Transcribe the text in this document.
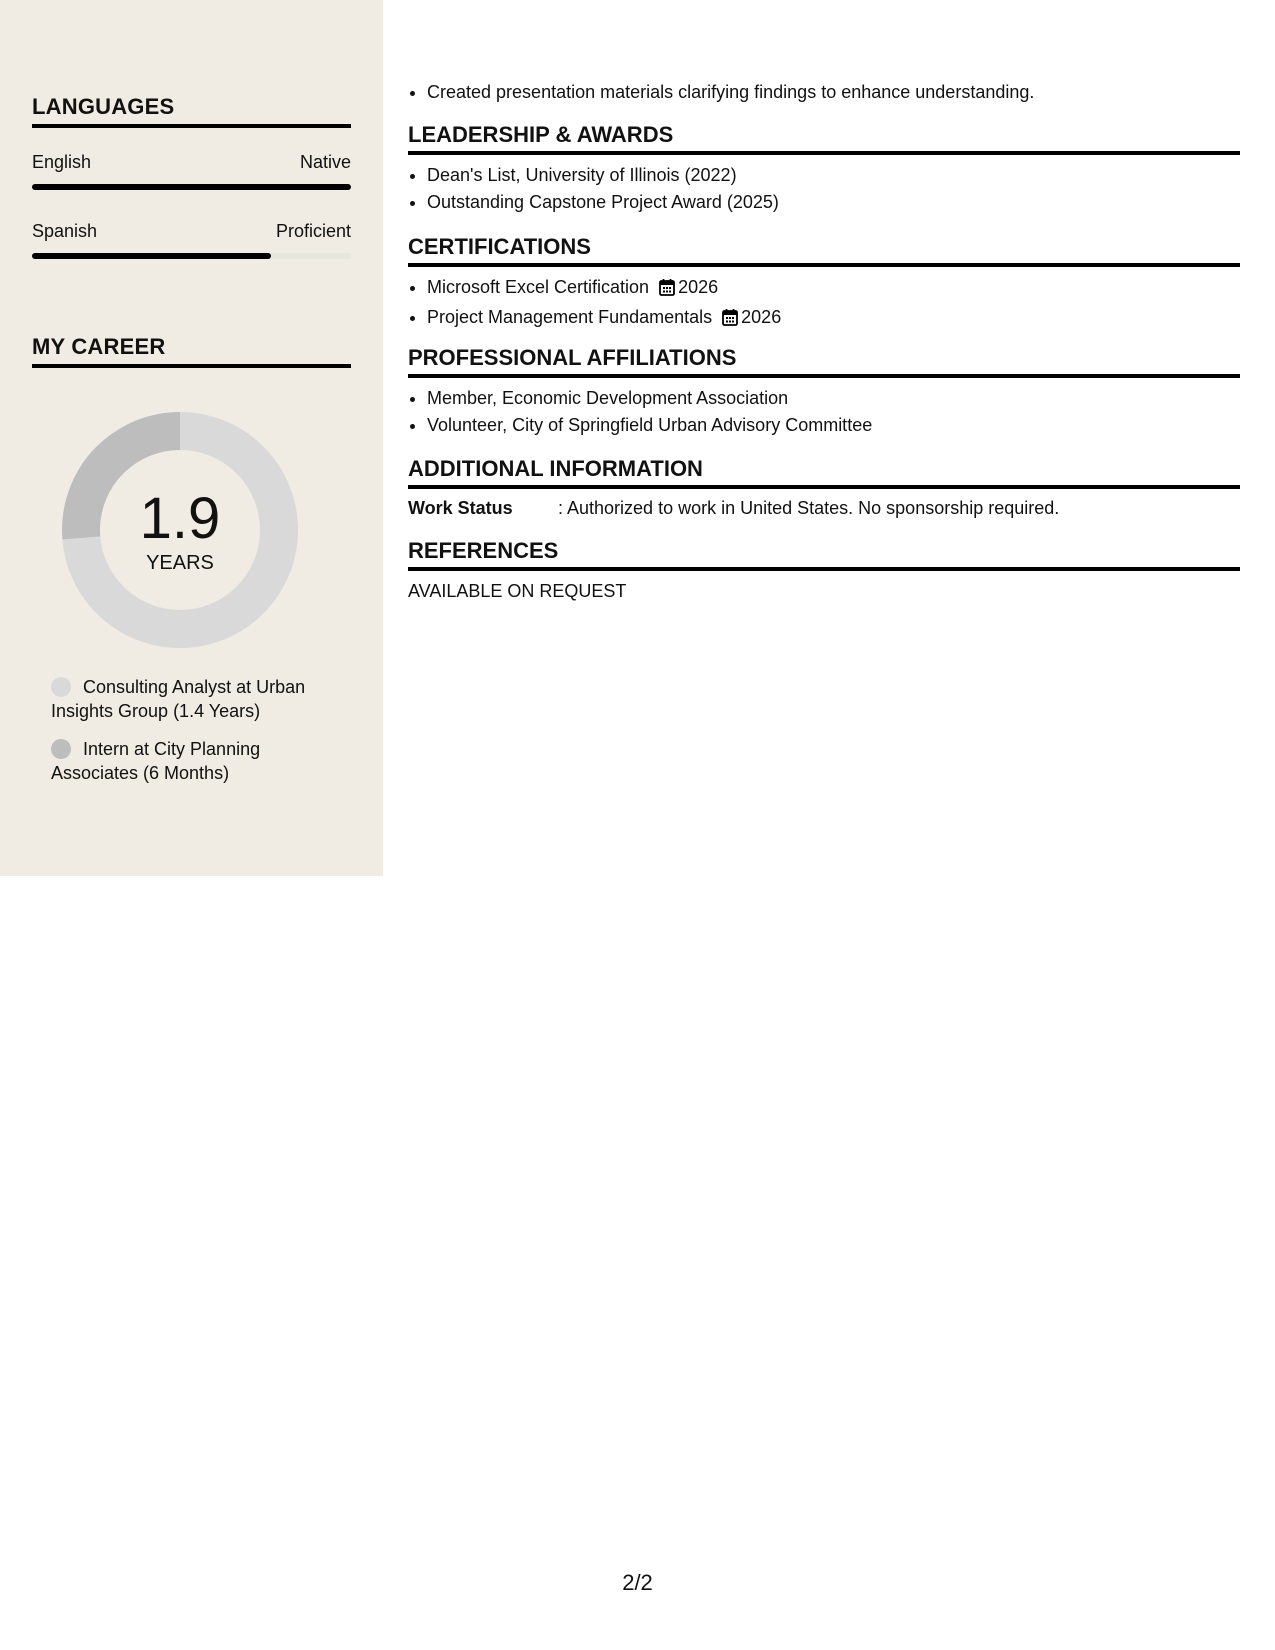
LANGUAGES
English	Native
Spanish	Proficient
MY CAREER
1.9
YEARS
Consulting Analyst at Urban Insights Group (1.4 Years)
Intern at City Planning Associates (6 Months)
• Created presentation materials clarifying findings to enhance understanding.
LEADERSHIP & AWARDS
• Dean's List, University of Illinois (2022)
• Outstanding Capstone Project Award (2025)
CERTIFICATIONS
• Microsoft Excel Certification 2026
• Project Management Fundamentals 2026
PROFESSIONAL AFFILIATIONS
• Member, Economic Development Association
• Volunteer, City of Springfield Urban Advisory Committee
ADDITIONAL INFORMATION
Work Status	: Authorized to work in United States. No sponsorship required.
REFERENCES
AVAILABLE ON REQUEST
2/2
